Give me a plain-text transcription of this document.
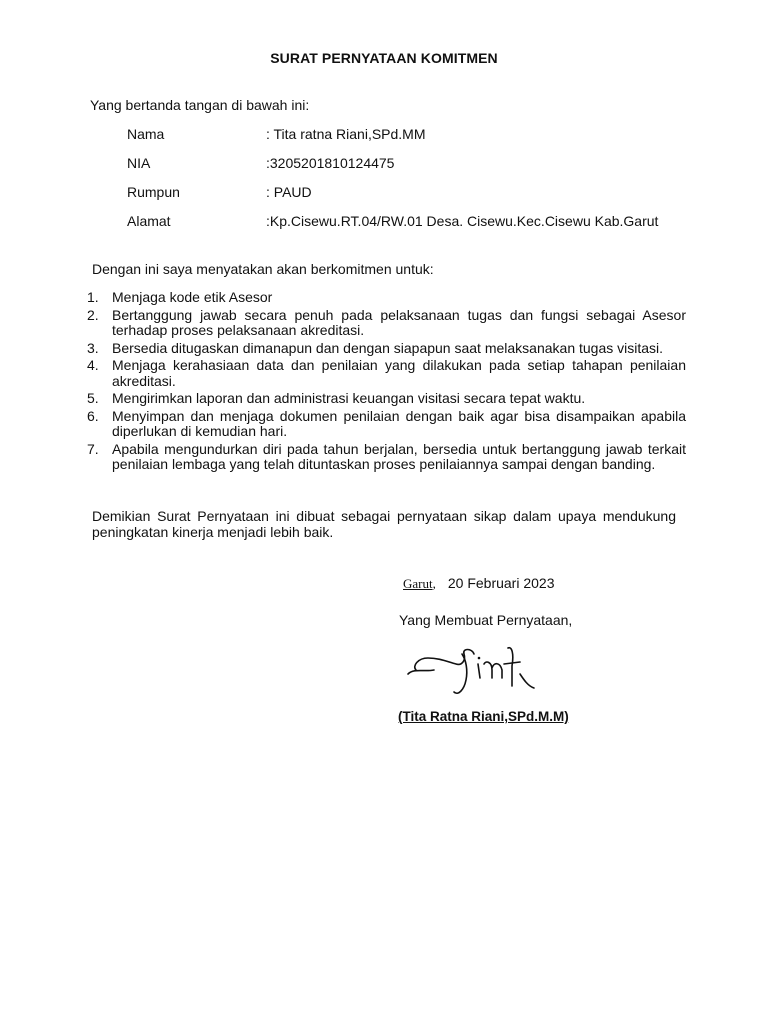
SURAT PERNYATAAN KOMITMEN
Yang bertanda tangan di bawah ini:
Nama	: Tita ratna Riani,SPd.MM
NIA	:3205201810124475
Rumpun	: PAUD
Alamat	:Kp.Cisewu.RT.04/RW.01 Desa. Cisewu.Kec.Cisewu Kab.Garut
Dengan ini saya menyatakan akan berkomitmen untuk:
1. Menjaga kode etik Asesor
2. Bertanggung jawab secara penuh pada pelaksanaan tugas dan fungsi sebagai Asesor terhadap proses pelaksanaan akreditasi.
3. Bersedia ditugaskan dimanapun dan dengan siapapun saat melaksanakan tugas visitasi.
4. Menjaga kerahasiaan data dan penilaian yang dilakukan pada setiap tahapan penilaian akreditasi.
5. Mengirimkan laporan dan administrasi keuangan visitasi secara tepat waktu.
6. Menyimpan dan menjaga dokumen penilaian dengan baik agar bisa disampaikan apabila diperlukan di kemudian hari.
7. Apabila mengundurkan diri pada tahun berjalan, bersedia untuk bertanggung jawab terkait penilaian lembaga yang telah dituntaskan proses penilaiannya sampai dengan banding.
Demikian Surat Pernyataan ini dibuat sebagai pernyataan sikap dalam upaya mendukung peningkatan kinerja menjadi lebih baik.
Garut, 20 Februari 2023
Yang Membuat Pernyataan,
(Tita Ratna Riani,SPd.M.M)
